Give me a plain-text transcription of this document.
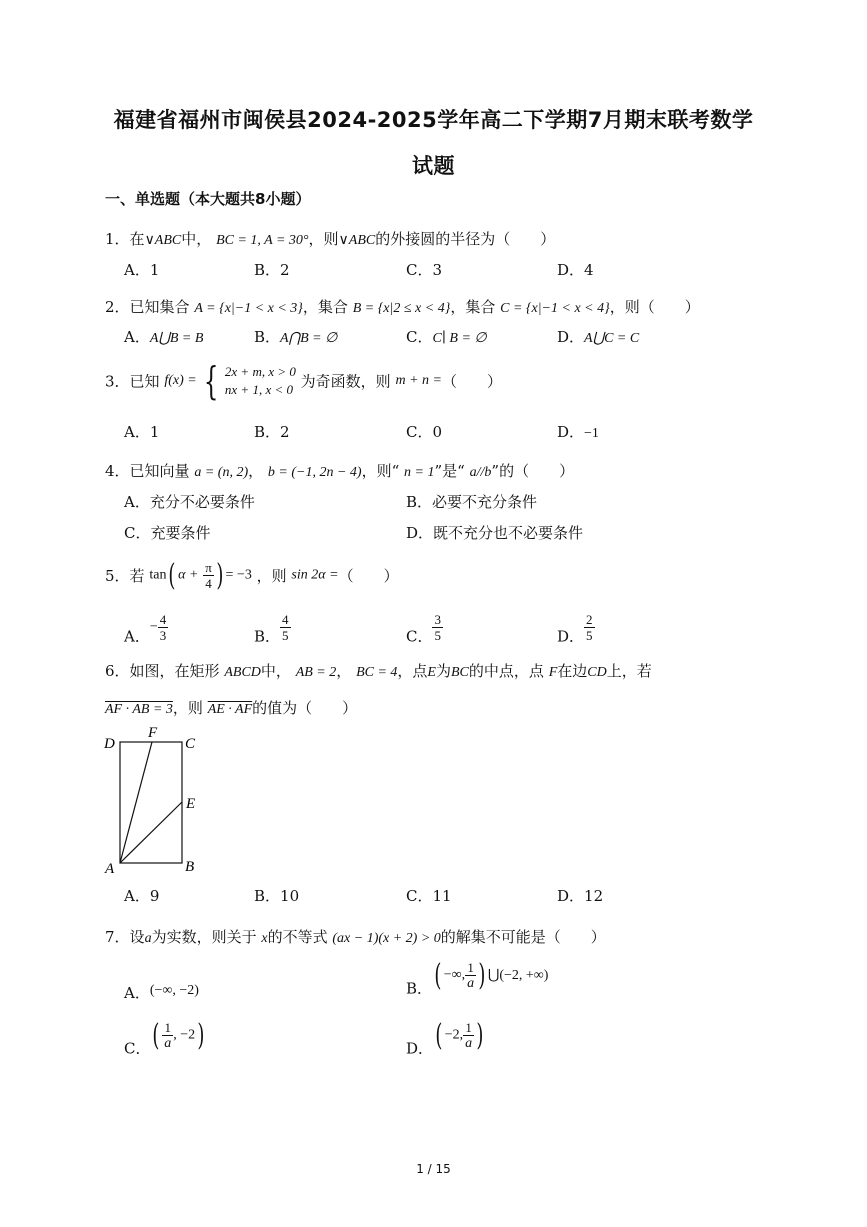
福建省福州市闽侯县2024-2025学年高二下学期7月期末联考数学
试题
一、单选题（本大题共8小题）
1．在∨ABC中， BC = 1, A = 30°，则∨ABC的外接圆的半径为（　　）
A．1	B．2	C．3	D．4
2．已知集合 A = {x|−1 < x < 3}，集合 B = {x|2 ≤ x < 4}，集合 C = {x|−1 < x < 4}，则（　　）
A．A⋃B = B	B．A⋂B = ∅	C．C∣ B = ∅	D．A⋃C = C
3．已知 f(x) = { 2x + m, x > 0
nx + 1, x < 0 为奇函数，则 m + n =（　　）
A．1	B．2	C．0	D．−1
4．已知向量 a = (n, 2)， b = (−1, 2n − 4)，则“ n = 1”是“ a//b”的（　　）
A．充分不必要条件	B．必要不充分条件
C．充要条件	D．既不充分也不必要条件
5．若 tan( $\alpha + \frac{\pi}{4}$ ) = −3 ，则 sin 2α =（　　）
A．− $\frac{4}{3}$	B． $\frac{4}{5}$	C． $\frac{3}{5}$	D． $\frac{2}{5}$
6．如图，在矩形 ABCD中， AB = 2， BC = 4，点E为BC的中点，点 F在边CD上，若
AF · AB = 3，则 AE · AF的值为（　　）
D
F
C
E
A	B
A．9	B．10	C．11	D．12
7．设a为实数，则关于 x的不等式 (ax − 1)(x + 2) > 0的解集不可能是（　　）
A．(−∞, −2)	B．( −∞, $\frac{1}{a}$ ) ⋃(−2, +∞)
C．( $\frac{1}{a}$ , −2)	D．( −2, $\frac{1}{a}$ )
1 / 15
